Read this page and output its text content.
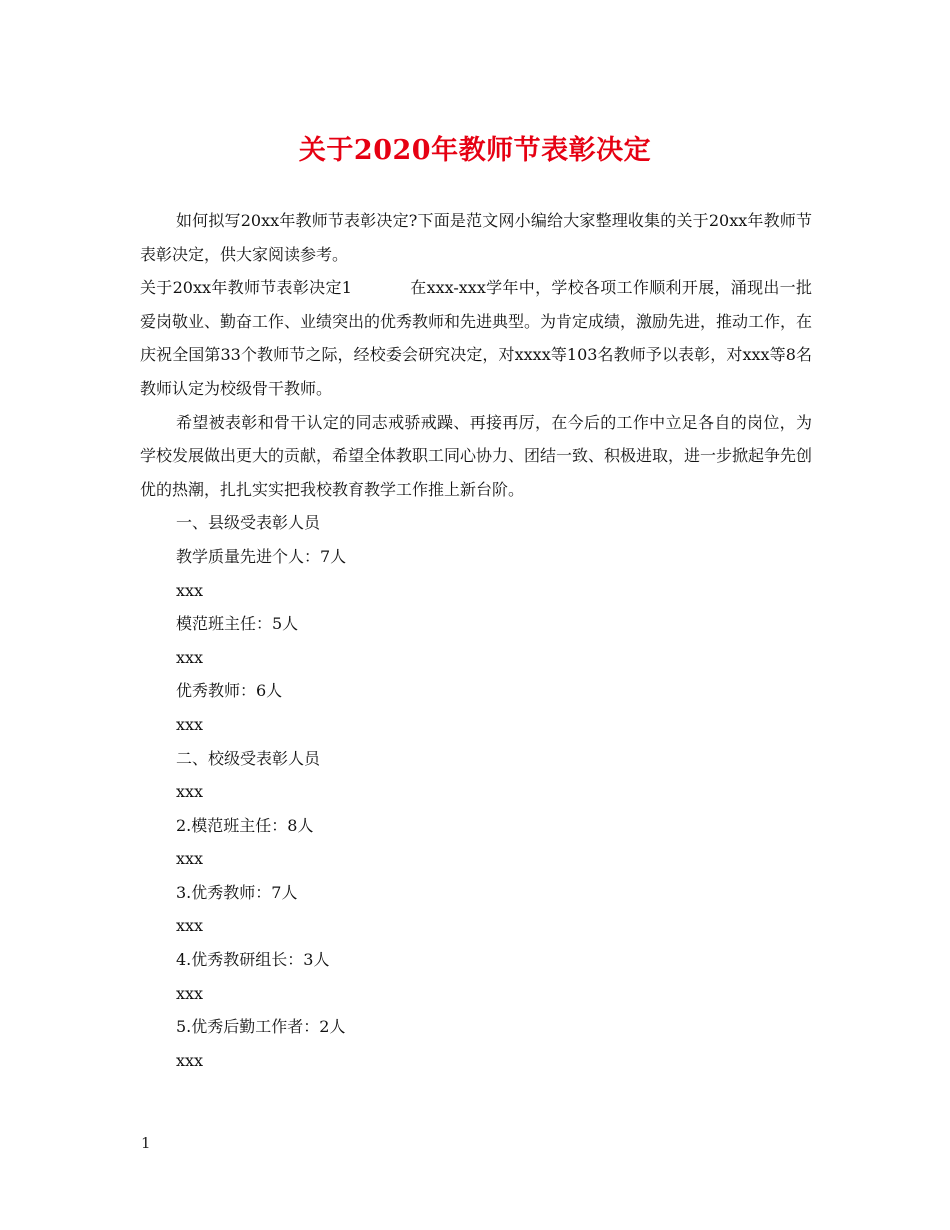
关于2020年教师节表彰决定

如何拟写20xx年教师节表彰决定?下面是范文网小编给大家整理收集的关于20xx年教师节表彰决定，供大家阅读参考。

关于20xx年教师节表彰决定1	在xxx-xxx学年中，学校各项工作顺利开展，涌现出一批爱岗敬业、勤奋工作、业绩突出的优秀教师和先进典型。为肯定成绩，激励先进，推动工作，在庆祝全国第33个教师节之际，经校委会研究决定，对xxxx等103名教师予以表彰，对xxx等8名教师认定为校级骨干教师。

希望被表彰和骨干认定的同志戒骄戒躁、再接再厉，在今后的工作中立足各自的岗位，为学校发展做出更大的贡献，希望全体教职工同心协力、团结一致、积极进取，进一步掀起争先创优的热潮，扎扎实实把我校教育教学工作推上新台阶。

一、县级受表彰人员

教学质量先进个人：7人

xxx

模范班主任：5人

xxx

优秀教师：6人

xxx

二、校级受表彰人员

xxx

2.模范班主任：8人

xxx

3.优秀教师：7人

xxx

4.优秀教研组长：3人

xxx

5.优秀后勤工作者：2人

xxx

1
